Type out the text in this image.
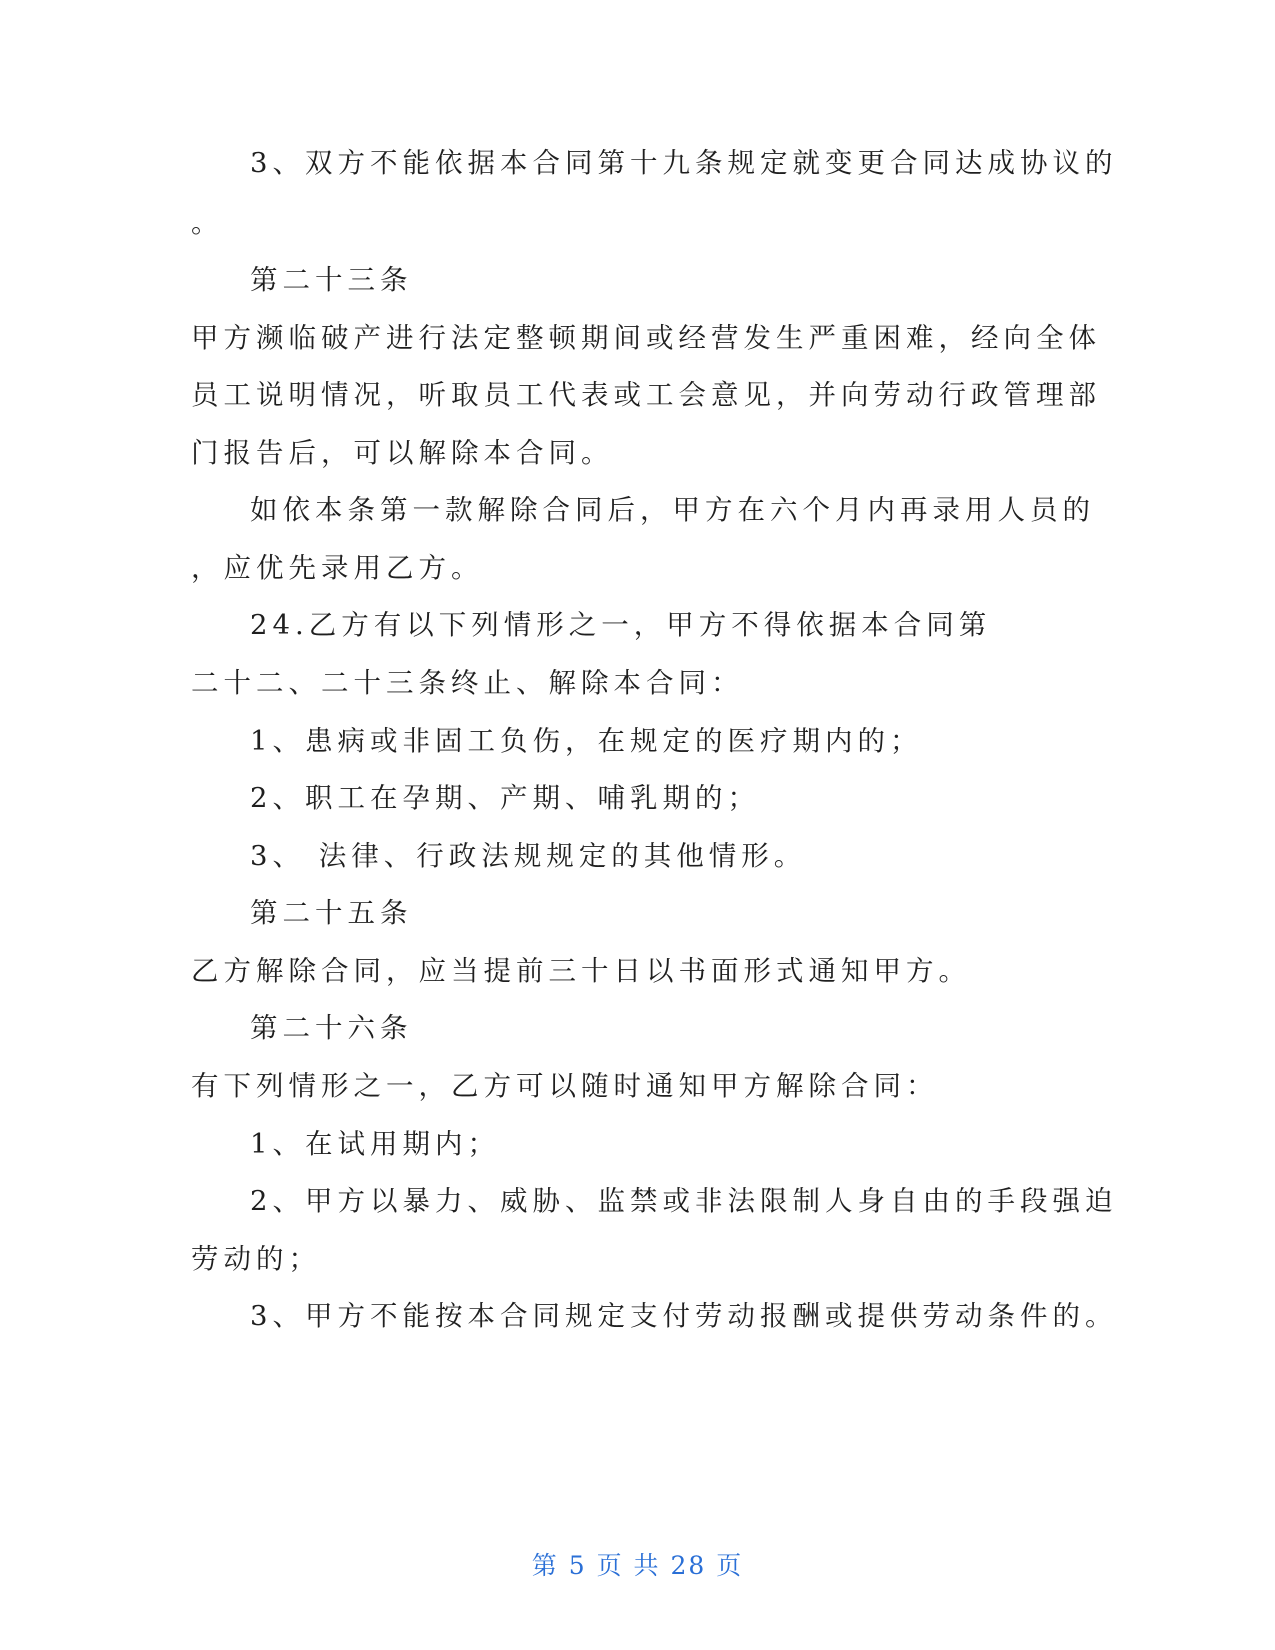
3、双方不能依据本合同第十九条规定就变更合同达成协议的
。
第二十三条
甲方濒临破产进行法定整顿期间或经营发生严重困难，经向全体
员工说明情况，听取员工代表或工会意见，并向劳动行政管理部
门报告后，可以解除本合同。
如依本条第一款解除合同后，甲方在六个月内再录用人员的
，应优先录用乙方。
24.乙方有以下列情形之一，甲方不得依据本合同第
二十二、二十三条终止、解除本合同：
1、患病或非固工负伤，在规定的医疗期内的；
2、职工在孕期、产期、哺乳期的；
3、 法律、行政法规规定的其他情形。
第二十五条
乙方解除合同，应当提前三十日以书面形式通知甲方。
第二十六条
有下列情形之一，乙方可以随时通知甲方解除合同：
1、在试用期内；
2、甲方以暴力、威胁、监禁或非法限制人身自由的手段强迫
劳动的；
3、甲方不能按本合同规定支付劳动报酬或提供劳动条件的。
第 5 页 共 28 页
